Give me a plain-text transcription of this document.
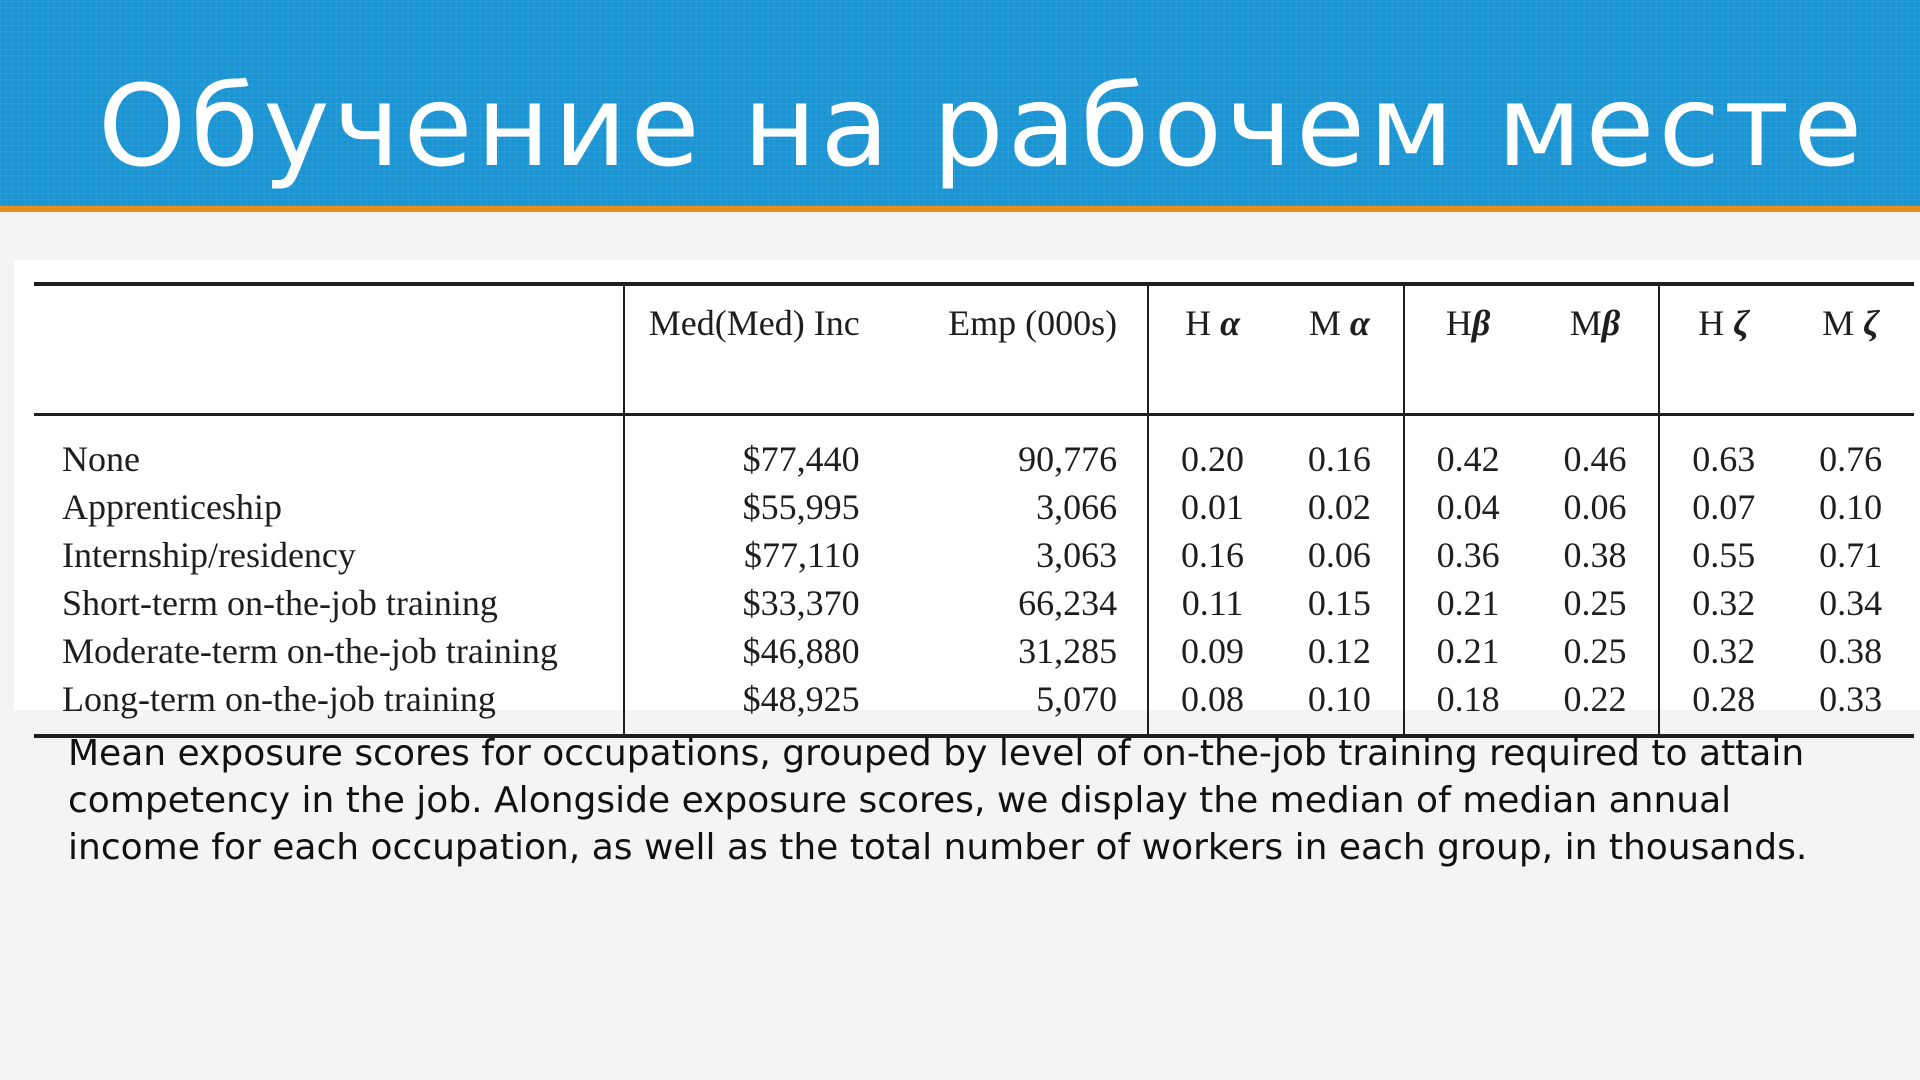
Обучение на рабочем месте
	Med(Med) Inc	Emp (000s)	H α	M α	Hβ	Mβ	H ζ	M ζ
None	$77,440	90,776	0.20	0.16	0.42	0.46	0.63	0.76
Apprenticeship	$55,995	3,066	0.01	0.02	0.04	0.06	0.07	0.10
Internship/residency	$77,110	3,063	0.16	0.06	0.36	0.38	0.55	0.71
Short-term on-the-job training	$33,370	66,234	0.11	0.15	0.21	0.25	0.32	0.34
Moderate-term on-the-job training	$46,880	31,285	0.09	0.12	0.21	0.25	0.32	0.38
Long-term on-the-job training	$48,925	5,070	0.08	0.10	0.18	0.22	0.28	0.33
Mean exposure scores for occupations, grouped by level of on-the-job training required to attain competency in the job. Alongside exposure scores, we display the median of median annual income for each occupation, as well as the total number of workers in each group, in thousands.
